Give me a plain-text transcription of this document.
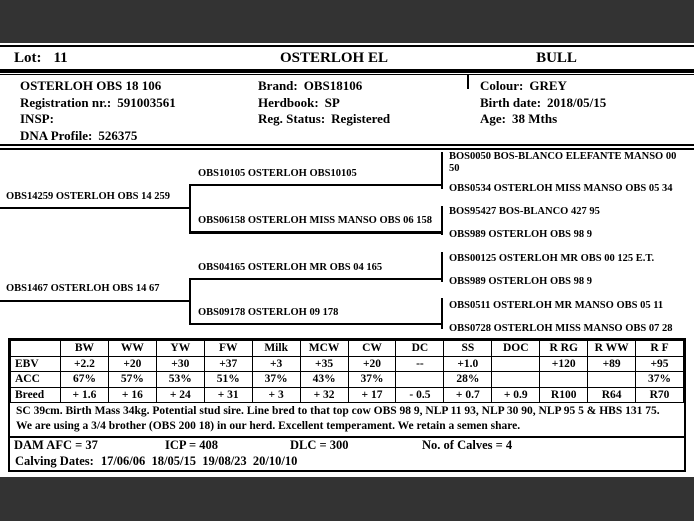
Lot: 11	OSTERLOH EL	BULL
OSTERLOH OBS 18 106	Brand: OBS18106	Colour: GREY
Registration nr.: 591003561	Herdbook: SP	Birth date: 2018/05/15
INSP:	Reg. Status: Registered	Age: 38 Mths
DNA Profile: 526375
OBS14259 OSTERLOH OBS 14 259
OBS1467 OSTERLOH OBS 14 67
OBS10105 OSTERLOH OBS10105
OBS06158 OSTERLOH MISS MANSO OBS 06 158
OBS04165 OSTERLOH MR OBS 04 165
OBS09178 OSTERLOH 09 178
BOS0050 BOS-BLANCO ELEFANTE MANSO 00 50
OBS0534 OSTERLOH MISS MANSO OBS 05 34
BOS95427 BOS-BLANCO 427 95
OBS989 OSTERLOH OBS 98 9
OBS00125 OSTERLOH MR OBS 00 125 E.T.
OBS989 OSTERLOH OBS 98 9
OBS0511 OSTERLOH MR MANSO OBS 05 11
OBS0728 OSTERLOH MISS MANSO OBS 07 28
	BW	WW	YW	FW	Milk	MCW	CW	DC	SS	DOC	R RG	R WW	R F
EBV	+2.2	+20	+30	+37	+3	+35	+20	--	+1.0		+120	+89	+95
ACC	67%	57%	53%	51%	37%	43%	37%		28%				37%
Breed	+ 1.6	+ 16	+ 24	+ 31	+ 3	+ 32	+ 17	- 0.5	+ 0.7	+ 0.9	R100	R64	R70
SC 39cm. Birth Mass 34kg. Potential stud sire. Line bred to that top cow OBS 98 9, NLP 11 93, NLP 30 90, NLP 95 5 & HBS 131 75. We are using a 3/4 brother (OBS 200 18) in our herd. Excellent temperament. We retain a semen share.
DAM AFC = 37	ICP = 408	DLC = 300	No. of Calves = 4
Calving Dates: 17/06/06  18/05/15  19/08/23  20/10/10
